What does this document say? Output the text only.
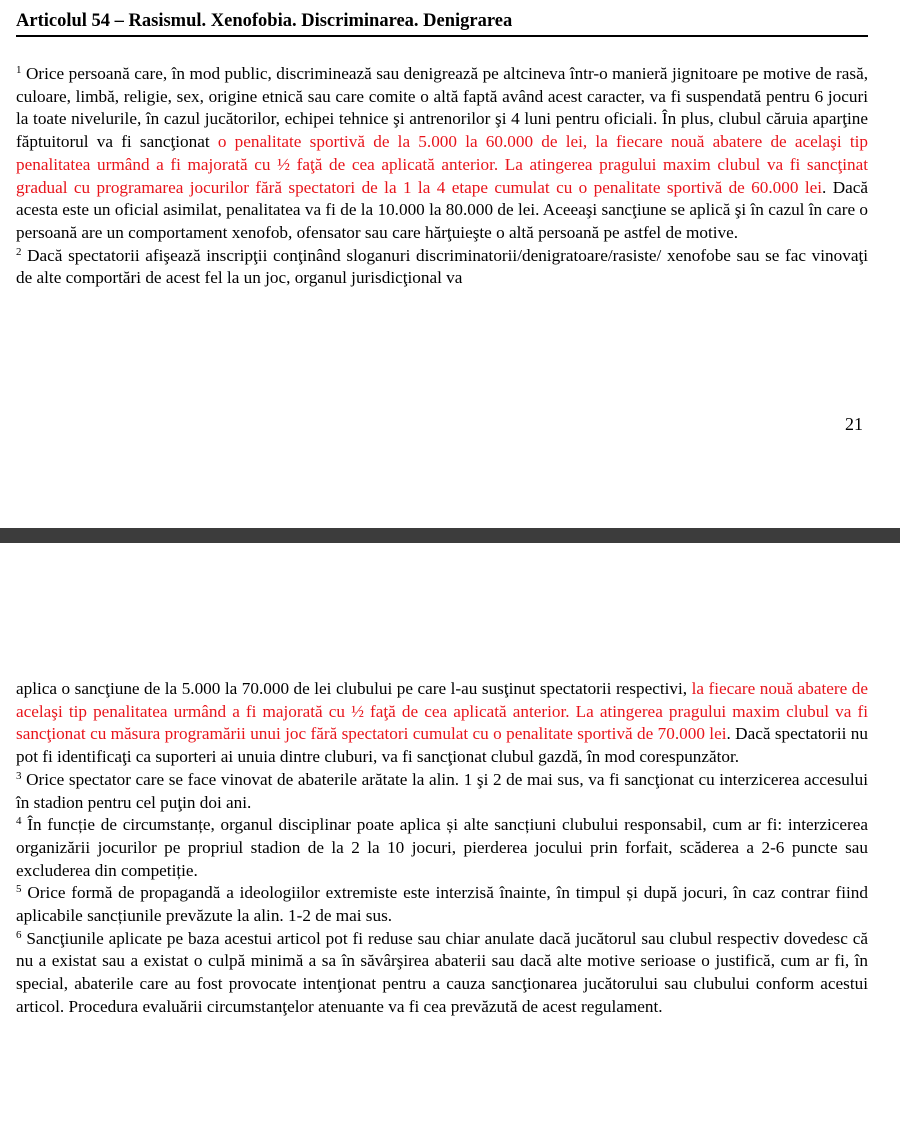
Articolul 54 – Rasismul. Xenofobia. Discriminarea. Denigrarea

$^1$ Orice persoană care, în mod public, discriminează sau denigrează pe altcineva într-o manieră jignitoare pe motive de rasă, culoare, limbă, religie, sex, origine etnică sau care comite o altă faptă având acest caracter, va fi suspendată pentru 6 jocuri la toate nivelurile, în cazul jucătorilor, echipei tehnice şi antrenorilor şi 4 luni pentru oficiali. În plus, clubul căruia aparţine făptuitorul va fi sancţionat o penalitate sportivă de la 5.000 la 60.000 de lei, la fiecare nouă abatere de acelaşi tip penalitatea urmând a fi majorată cu ½ faţă de cea aplicată anterior. La atingerea pragului maxim clubul va fi sancţinat gradual cu programarea jocurilor fără spectatori de la 1 la 4 etape cumulat cu o penalitate sportivă de 60.000 lei. Dacă acesta este un oficial asimilat, penalitatea va fi de la 10.000 la 80.000 de lei. Aceeaşi sancţiune se aplică şi în cazul în care o persoană are un comportament xenofob, ofensator sau care hărţuieşte o altă persoană pe astfel de motive.

$^2$ Dacă spectatorii afişează inscripţii conţinând sloganuri discriminatorii/denigratoare/rasiste/ xenofobe sau se fac vinovaţi de alte comportări de acest fel la un joc, organul jurisdicţional va

21

aplica o sancţiune de la 5.000 la 70.000 de lei clubului pe care l-au susţinut spectatorii respectivi, la fiecare nouă abatere de acelaşi tip penalitatea urmând a fi majorată cu ½ faţă de cea aplicată anterior. La atingerea pragului maxim clubul va fi sancţionat cu măsura programării unui joc fără spectatori cumulat cu o penalitate sportivă de 70.000 lei. Dacă spectatorii nu pot fi identificaţi ca suporteri ai unuia dintre cluburi, va fi sancţionat clubul gazdă, în mod corespunzător.

$^3$ Orice spectator care se face vinovat de abaterile arătate la alin. 1 şi 2 de mai sus, va fi sancţionat cu interzicerea accesului în stadion pentru cel puţin doi ani.

$^4$ În funcție de circumstanțe, organul disciplinar poate aplica și alte sancțiuni clubului responsabil, cum ar fi: interzicerea organizării jocurilor pe propriul stadion de la 2 la 10 jocuri, pierderea jocului prin forfait, scăderea a 2-6 puncte sau excluderea din competiție.

$^5$ Orice formă de propagandă a ideologiilor extremiste este interzisă înainte, în timpul și după jocuri, în caz contrar fiind aplicabile sancțiunile prevăzute la alin. 1-2 de mai sus.

$^6$ Sancţiunile aplicate pe baza acestui articol pot fi reduse sau chiar anulate dacă jucătorul sau clubul respectiv dovedesc că nu a existat sau a existat o culpă minimă a sa în săvârşirea abaterii sau dacă alte motive serioase o justifică, cum ar fi, în special, abaterile care au fost provocate intenţionat pentru a cauza sancţionarea jucătorului sau clubului conform acestui articol. Procedura evaluării circumstanţelor atenuante va fi cea prevăzută de acest regulament.
